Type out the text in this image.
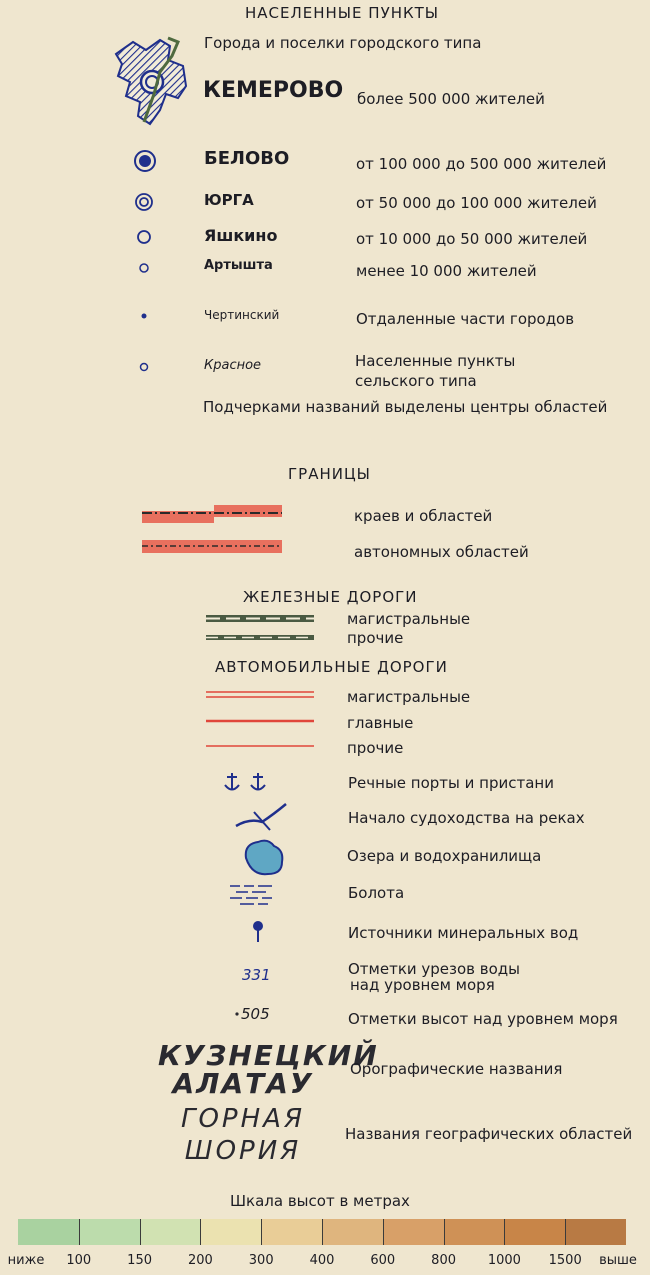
НАСЕЛЕННЫЕ ПУНКТЫ
Города и поселки городского типа
КЕМЕРОВО более 500 000 жителей
БЕЛОВО	от 100 000 до 500 000 жителей
ЮРГА	от 50 000 до 100 000 жителей
Яшкино	от 10 000 до 50 000 жителей
Артышта	менее 10 000 жителей
Чертинский	Отдаленные части городов
Красное	Населенные пункты
сельского типа
Подчерками названий выделены центры областей
ГРАНИЦЫ
краев и областей
автономных областей
ЖЕЛЕЗНЫЕ ДОРОГИ
магистральные
прочие
АВТОМОБИЛЬНЫЕ ДОРОГИ
магистральные
главные
прочие
Речные порты и пристани
Начало судоходства на реках
Озера и водохранилища
Болота
Источники минеральных вод
331	Отметки урезов воды
над уровнем моря
505	Отметки высот над уровнем моря
КУЗНЕЦКИЙ
АЛАТАУ	Орографические названия
ГОРНАЯ
ШОРИЯ
Названия географических областей
Шкала высот в метрах
ниже 100	150	200	300	400	600	800 1000 1500 выше
